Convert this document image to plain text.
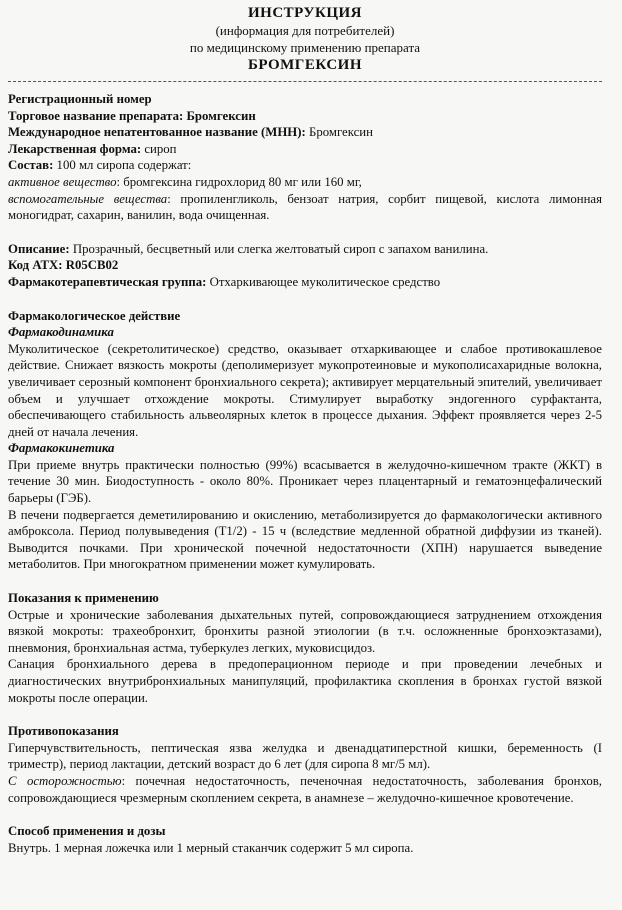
ИНСТРУКЦИЯ
(информация для потребителей)
по медицинскому применению препарата
БРОМГЕКСИН

Регистрационный номер

Торговое название препарата: Бромгексин

Международное непатентованное название (МНН): Бромгексин

Лекарственная форма: сироп

Состав: 100 мл сиропа содержат:

активное вещество: бромгексина гидрохлорид 80 мг или 160 мг,

вспомогательные вещества: пропиленгликоль, бензоат натрия, сорбит пищевой, кислота лимонная моногидрат, сахарин, ванилин, вода очищенная.

Описание: Прозрачный, бесцветный или слегка желтоватый сироп с запахом ванилина.

Код АТХ: R05CB02

Фармакотерапевтическая группа: Отхаркивающее муколитическое средство

Фармакологическое действие

Фармакодинамика

Муколитическое (секретолитическое) средство, оказывает отхаркивающее и слабое противокашлевое действие. Снижает вязкость мокроты (деполимеризует мукопротеиновые и мукополисахаридные волокна, увеличивает серозный компонент бронхиального секрета); активирует мерцательный эпителий, увеличивает объем и улучшает отхождение мокроты. Стимулирует выработку эндогенного сурфактанта, обеспечивающего стабильность альвеолярных клеток в процессе дыхания. Эффект проявляется через 2-5 дней от начала лечения.

Фармакокинетика

При приеме внутрь практически полностью (99%) всасывается в желудочно-кишечном тракте (ЖКТ) в течение 30 мин. Биодоступность - около 80%. Проникает через плацентарный и гематоэнцефалический барьеры (ГЭБ).

В печени подвергается деметилированию и окислению, метаболизируется до фармакологически активного амброксола. Период полувыведения (Т1/2) - 15 ч (вследствие медленной обратной диффузии из тканей). Выводится почками. При хронической почечной недостаточности (ХПН) нарушается выведение метаболитов. При многократном применении может кумулировать.

Показания к применению

Острые и хронические заболевания дыхательных путей, сопровождающиеся затруднением отхождения вязкой мокроты: трахеобронхит, бронхиты разной этиологии (в т.ч. осложненные бронхоэктазами), пневмония, бронхиальная астма, туберкулез легких, муковисцидоз.

Санация бронхиального дерева в предоперационном периоде и при проведении лечебных и диагностических внутрибронхиальных манипуляций, профилактика скопления в бронхах густой вязкой мокроты после операции.

Противопоказания

Гиперчувствительность, пептическая язва желудка и двенадцатиперстной кишки, беременность (I триместр), период лактации, детский возраст до 6 лет (для сиропа 8 мг/5 мл).

С осторожностью: почечная недостаточность, печеночная недостаточность, заболевания бронхов, сопровождающиеся чрезмерным скоплением секрета, в анамнезе – желудочно-кишечное кровотечение.

Способ применения и дозы

Внутрь. 1 мерная ложечка или 1 мерный стаканчик содержит 5 мл сиропа.
